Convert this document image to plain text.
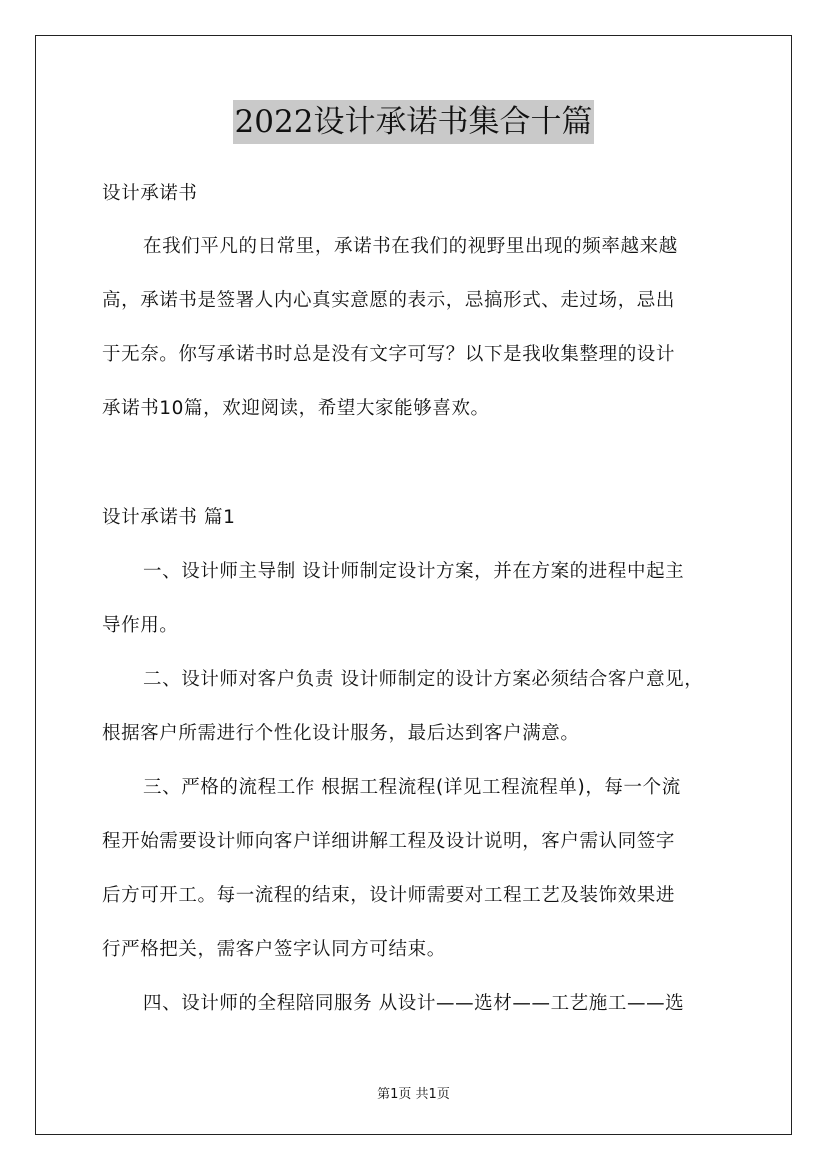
2022设计承诺书集合十篇
设计承诺书
在我们平凡的日常里，承诺书在我们的视野里出现的频率越来越
高，承诺书是签署人内心真实意愿的表示，忌搞形式、走过场，忌出
于无奈。你写承诺书时总是没有文字可写？以下是我收集整理的设计
承诺书10篇，欢迎阅读，希望大家能够喜欢。
设计承诺书 篇1
一、设计师主导制 设计师制定设计方案，并在方案的进程中起主
导作用。
二、设计师对客户负责 设计师制定的设计方案必须结合客户意见，
根据客户所需进行个性化设计服务，最后达到客户满意。
三、严格的流程工作 根据工程流程(详见工程流程单)，每一个流
程开始需要设计师向客户详细讲解工程及设计说明，客户需认同签字
后方可开工。每一流程的结束，设计师需要对工程工艺及装饰效果进
行严格把关，需客户签字认同方可结束。
四、设计师的全程陪同服务 从设计——选材——工艺施工——选
第1页 共1页
